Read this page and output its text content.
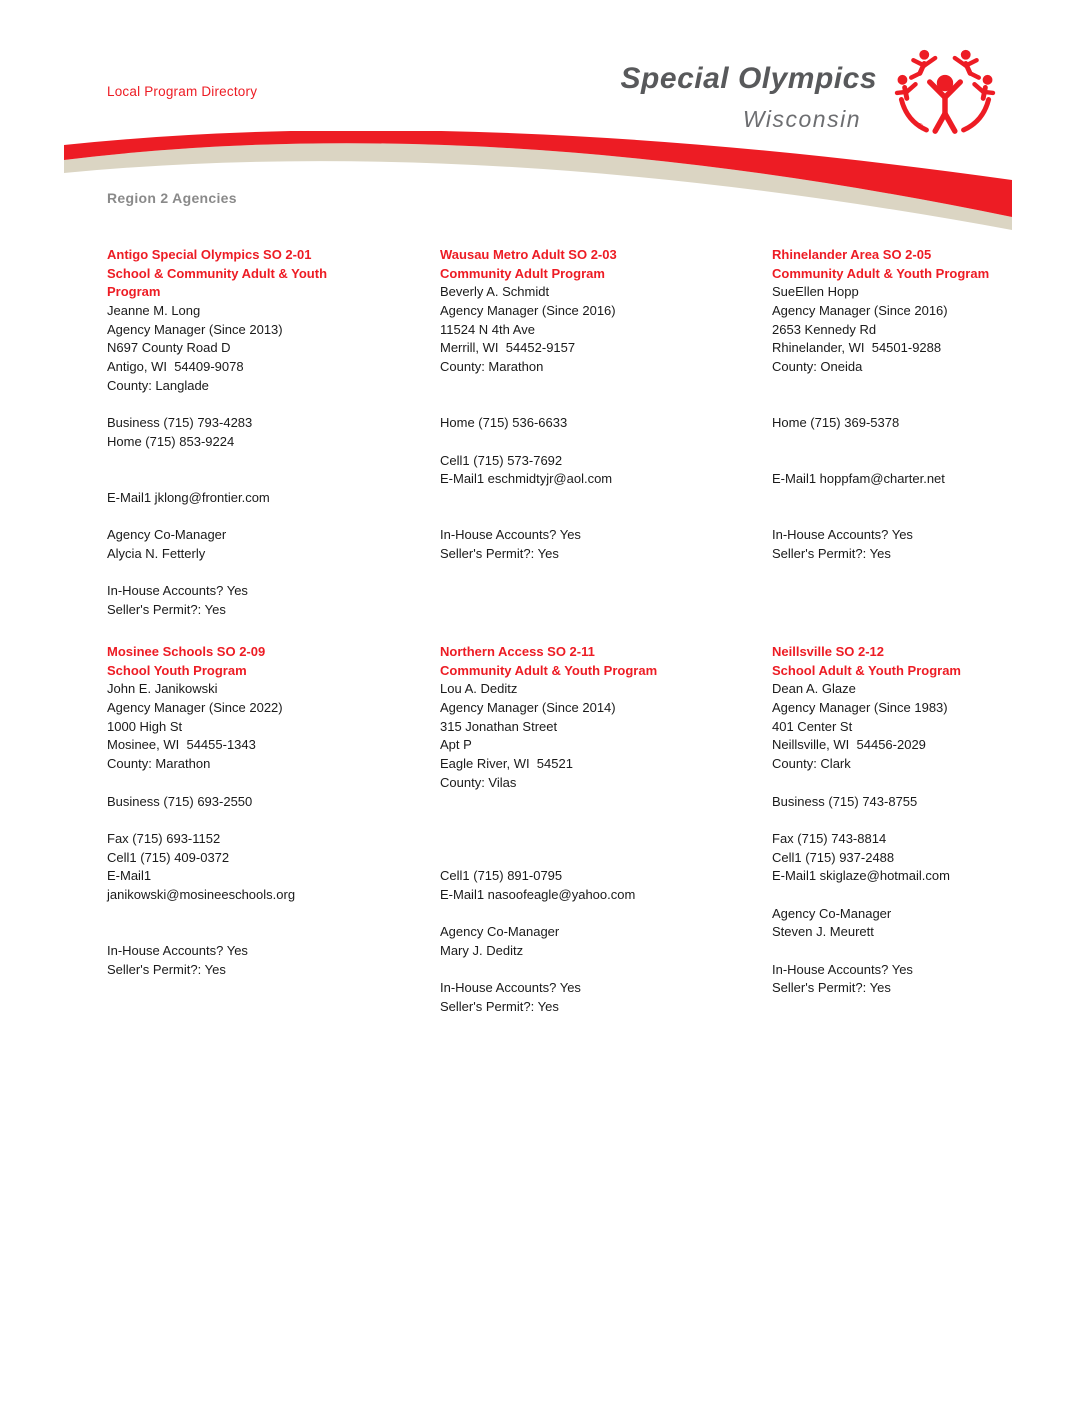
Local Program Directory	Special Olympics
Wisconsin	®
Region 2 Agencies
Antigo Special Olympics SO 2-01
School & Community Adult & Youth
Program
Jeanne M. Long
Agency Manager (Since 2013)
N697 County Road D
Antigo, WI  54409-9078
County: Langlade

Business (715) 793-4283
Home (715) 853-9224

E-Mail1 jklong@frontier.com

Agency Co-Manager
Alycia N. Fetterly

In-House Accounts? Yes
Seller's Permit?: Yes
Wausau Metro Adult SO 2-03
Community Adult Program
Beverly A. Schmidt
Agency Manager (Since 2016)
11524 N 4th Ave
Merrill, WI  54452-9157
County: Marathon

Home (715) 536-6633

Cell1 (715) 573-7692
E-Mail1 eschmidtyjr@aol.com

In-House Accounts? Yes
Seller's Permit?: Yes
Rhinelander Area SO 2-05
Community Adult & Youth Program
SueEllen Hopp
Agency Manager (Since 2016)
2653 Kennedy Rd
Rhinelander, WI  54501-9288
County: Oneida

Home (715) 369-5378

E-Mail1 hoppfam@charter.net

In-House Accounts? Yes
Seller's Permit?: Yes
Mosinee Schools SO 2-09
School Youth Program
John E. Janikowski
Agency Manager (Since 2022)
1000 High St
Mosinee, WI  54455-1343
County: Marathon

Business (715) 693-2550

Fax (715) 693-1152
Cell1 (715) 409-0372
E-Mail1
janikowski@mosineeschools.org

In-House Accounts? Yes
Seller's Permit?: Yes
Northern Access SO 2-11
Community Adult & Youth Program
Lou A. Deditz
Agency Manager (Since 2014)
315 Jonathan Street
Apt P
Eagle River, WI  54521
County: Vilas

Cell1 (715) 891-0795
E-Mail1 nasoofeagle@yahoo.com

Agency Co-Manager
Mary J. Deditz

In-House Accounts? Yes
Seller's Permit?: Yes
Neillsville SO 2-12
School Adult & Youth Program
Dean A. Glaze
Agency Manager (Since 1983)
401 Center St
Neillsville, WI  54456-2029
County: Clark

Business (715) 743-8755

Fax (715) 743-8814
Cell1 (715) 937-2488
E-Mail1 skiglaze@hotmail.com

Agency Co-Manager
Steven J. Meurett

In-House Accounts? Yes
Seller's Permit?: Yes
